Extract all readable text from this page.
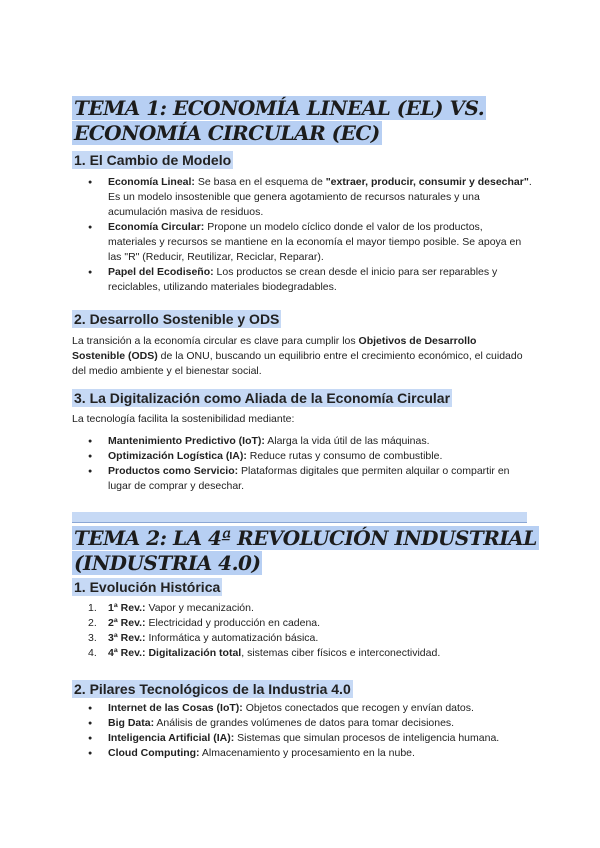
TEMA 1: ECONOMÍA LINEAL (EL) VS.
ECONOMÍA CIRCULAR (EC)
1. El Cambio de Modelo
● Economía Lineal: Se basa en el esquema de "extraer, producir, consumir y desechar". Es un modelo insostenible que genera agotamiento de recursos naturales y una acumulación masiva de residuos.
● Economía Circular: Propone un modelo cíclico donde el valor de los productos, materiales y recursos se mantiene en la economía el mayor tiempo posible. Se apoya en las "R" (Reducir, Reutilizar, Reciclar, Reparar).
● Papel del Ecodiseño: Los productos se crean desde el inicio para ser reparables y reciclables, utilizando materiales biodegradables.
2. Desarrollo Sostenible y ODS

La transición a la economía circular es clave para cumplir los Objetivos de Desarrollo Sostenible (ODS) de la ONU, buscando un equilibrio entre el crecimiento económico, el cuidado del medio ambiente y el bienestar social.

3. La Digitalización como Aliada de la Economía Circular

La tecnología facilita la sostenibilidad mediante:

● Mantenimiento Predictivo (IoT): Alarga la vida útil de las máquinas.
● Optimización Logística (IA): Reduce rutas y consumo de combustible.
● Productos como Servicio: Plataformas digitales que permiten alquilar o compartir en lugar de comprar y desechar.
TEMA 2: LA 4ª REVOLUCIÓN INDUSTRIAL
(INDUSTRIA 4.0)
1. Evolución Histórica
1. 1ª Rev.: Vapor y mecanización.
2. 2ª Rev.: Electricidad y producción en cadena.
3. 3ª Rev.: Informática y automatización básica.
4. 4ª Rev.: Digitalización total, sistemas ciber físicos e interconectividad.
2. Pilares Tecnológicos de la Industria 4.0
● Internet de las Cosas (IoT): Objetos conectados que recogen y envían datos.
● Big Data: Análisis de grandes volúmenes de datos para tomar decisiones.
● Inteligencia Artificial (IA): Sistemas que simulan procesos de inteligencia humana.
● Cloud Computing: Almacenamiento y procesamiento en la nube.
